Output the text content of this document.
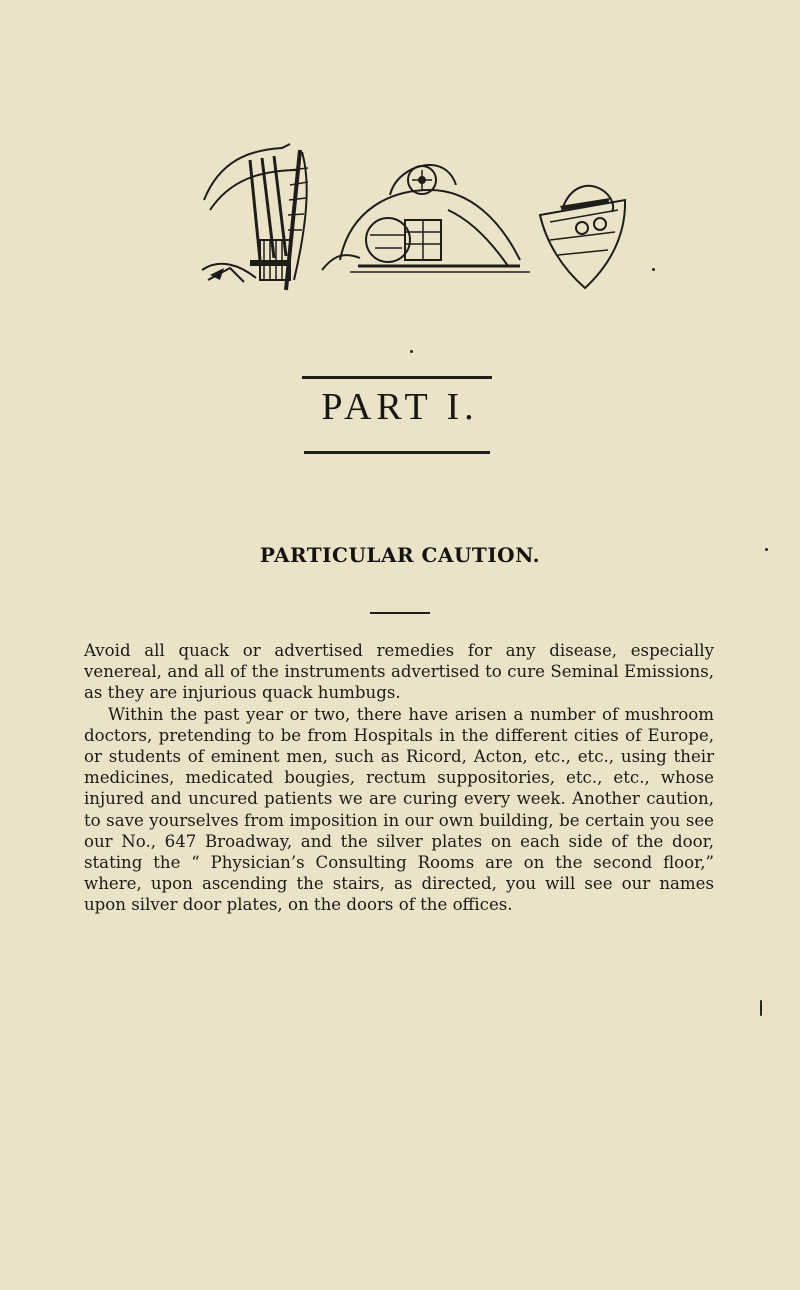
PART I.
PARTICULAR CAUTION.

Avoid all quack or advertised remedies for any disease, especially venereal, and all of the instruments advertised to cure Seminal Emissions, as they are injurious quack humbugs.

Within the past year or two, there have arisen a number of mushroom doctors, pretending to be from Hospitals in the different cities of Europe, or students of eminent men, such as Ricord, Acton, etc., etc., using their medicines, medicated bougies, rectum suppositories, etc., etc., whose injured and uncured patients we are curing every week. Another caution, to save yourselves from imposition in our own building, be certain you see our No., 647 Broadway, and the silver plates on each side of the door, stating the “ Physician’s Consulting Rooms are on the second floor,” where, upon ascending the stairs, as directed, you will see our names upon silver door plates, on the doors of the offices.
